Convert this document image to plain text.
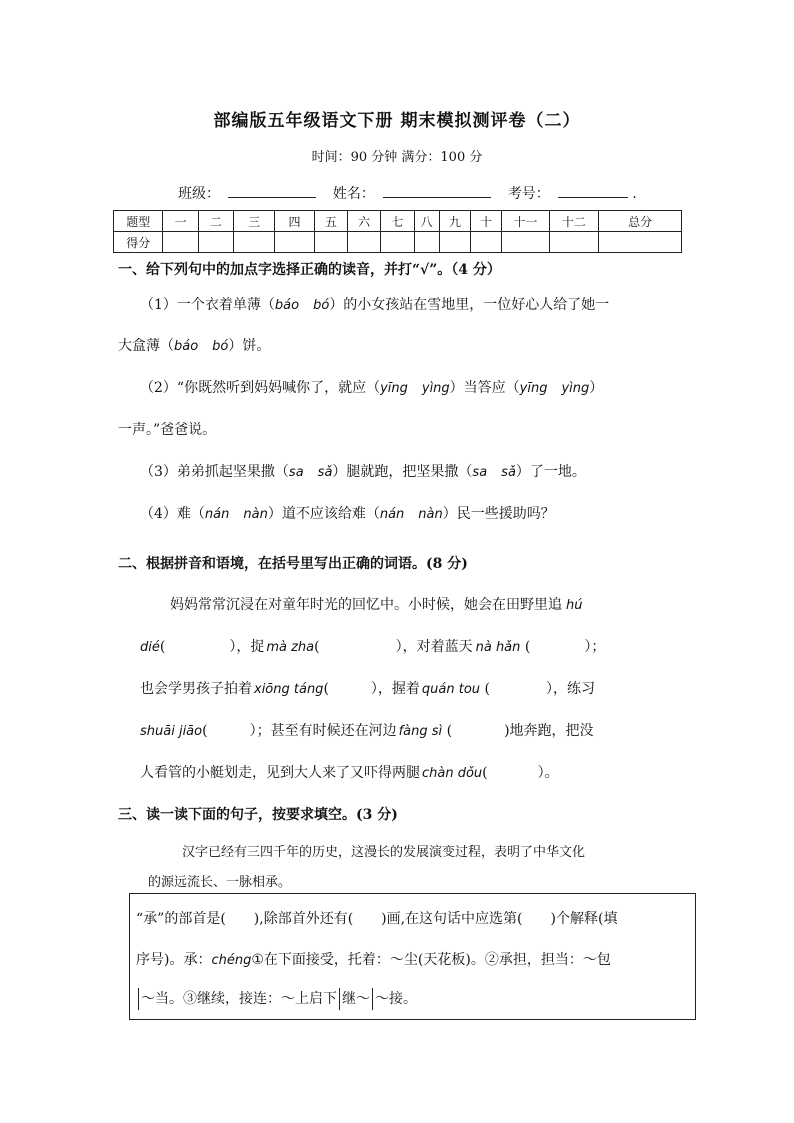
部编版五年级语文下册 期末模拟测评卷（二）
时间：90 分钟 满分：100 分
班级：	姓名：	考号：	.
题型	一	二	三	四	五	六	七	八	九	十	十一	十二	总分
得分													
一、给下列句中的加点字选择正确的读音，并打“√”。（4 分）
（1）一个衣着单薄（báo bó）的小女孩站在雪地里，一位好心人给了她一
大盒薄（báo bó）饼。
（2）“你既然听到妈妈喊你了，就应（yīng yìng）当答应（yīng yìng）
一声。”爸爸说。
（3）弟弟抓起坚果撒（sa sǎ）腿就跑，把坚果撒（sa sǎ）了一地。
（4）难（nán nàn）道不应该给难（nán nàn）民一些援助吗？
二、根据拼音和语境，在括号里写出正确的词语。(8 分)
妈妈常常沉浸在对童年时光的回忆中。小时候，她会在田野里追 hú
dié(	），捉 mà zha(	），对着蓝天 nà hǎn (	）；
也会学男孩子拍着 xiōng táng(	），握着 quán tou (	），练习
shuāi jiāo(	）；甚至有时候还在河边 fàng sì (	)地奔跑，把没
人看管的小艇划走，见到大人来了又吓得两腿 chàn dǒu(	）。
三、读一读下面的句子，按要求填空。(3 分)
汉字已经有三四千年的历史，这漫长的发展演变过程，表明了中华文化
的源远流长、一脉相承。
“承”的部首是(　　),除部首外还有(　　)画,在这句话中应选第(　　)个解释(填
序号)。承：chéng①在下面接受，托着：～尘(天花板)。②承担，担当：～包
～当。③继续，接连：～上启下 继～ ～接。
